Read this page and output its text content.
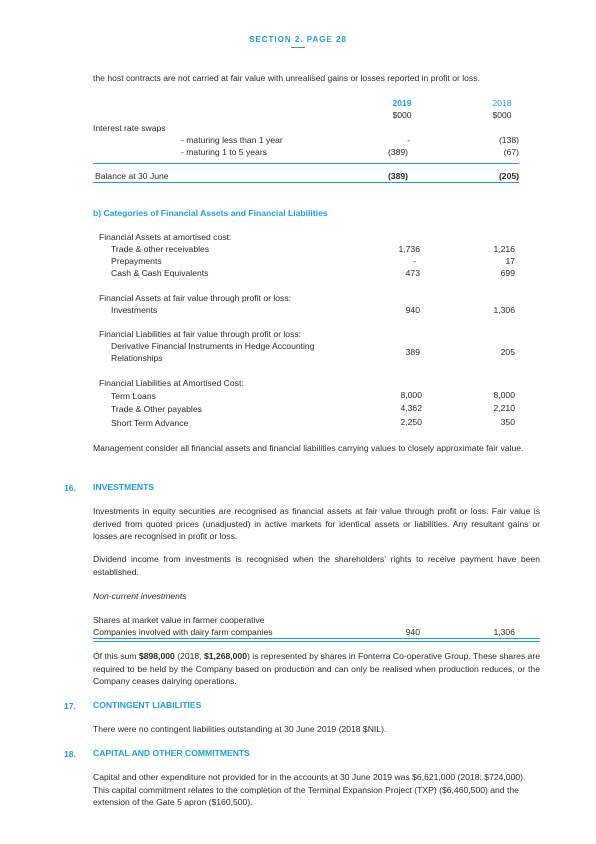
SECTION 2. PAGE 28
the host contracts are not carried at fair value with unrealised gains or losses reported in profit or loss.
2019	2018
$000	$000
Interest rate swaps
- maturing less than 1 year	-	(138)
- maturing 1 to 5 years	(389)	(67)
Balance at 30 June	(389)	(205)
b) Categories of Financial Assets and Financial Liabilities
Financial Assets at amortised cost:
Trade & other receivables	1,736	1,216
Prepayments	-	17
Cash & Cash Equivalents	473	699
Financial Assets at fair value through profit or loss:
Investments	940	1,306
Financial Liabilities at fair value through profit or loss:
Derivative Financial Instruments in Hedge Accounting
Relationships
389	205
Financial Liabilities at Amortised Cost:
Term Loans	8,000	8,000
Trade & Other payables	4,362	2,210
Short Term Advance	2,250	350
Management consider all financial assets and financial liabilities carrying values to closely approximate fair value.
16. INVESTMENTS
Investments in equity securities are recognised as financial assets at fair value through profit or loss. Fair value is derived from quoted prices (unadjusted) in active markets for identical assets or liabilities. Any resultant gains or losses are recognised in profit or loss.
Dividend income from investments is recognised when the shareholders’ rights to receive payment have been established.
Non-current investments
Shares at market value in farmer cooperative
Companies involved with dairy farm companies	940	1,306
Of this sum $898,000 (2018, $1,268,000) is represented by shares in Fonterra Co-operative Group. These shares are required to be held by the Company based on production and can only be realised when production reduces, or the Company ceases dairying operations.
17. CONTINGENT LIABILITIES
There were no contingent liabilities outstanding at 30 June 2019 (2018 $NIL).
18. CAPITAL AND OTHER COMMITMENTS
Capital and other expenditure not provided for in the accounts at 30 June 2019 was $6,621,000 (2018: $724,000). This capital commitment relates to the completion of the Terminal Expansion Project (TXP) ($6,460,500) and the extension of the Gate 5 apron ($160,500).
